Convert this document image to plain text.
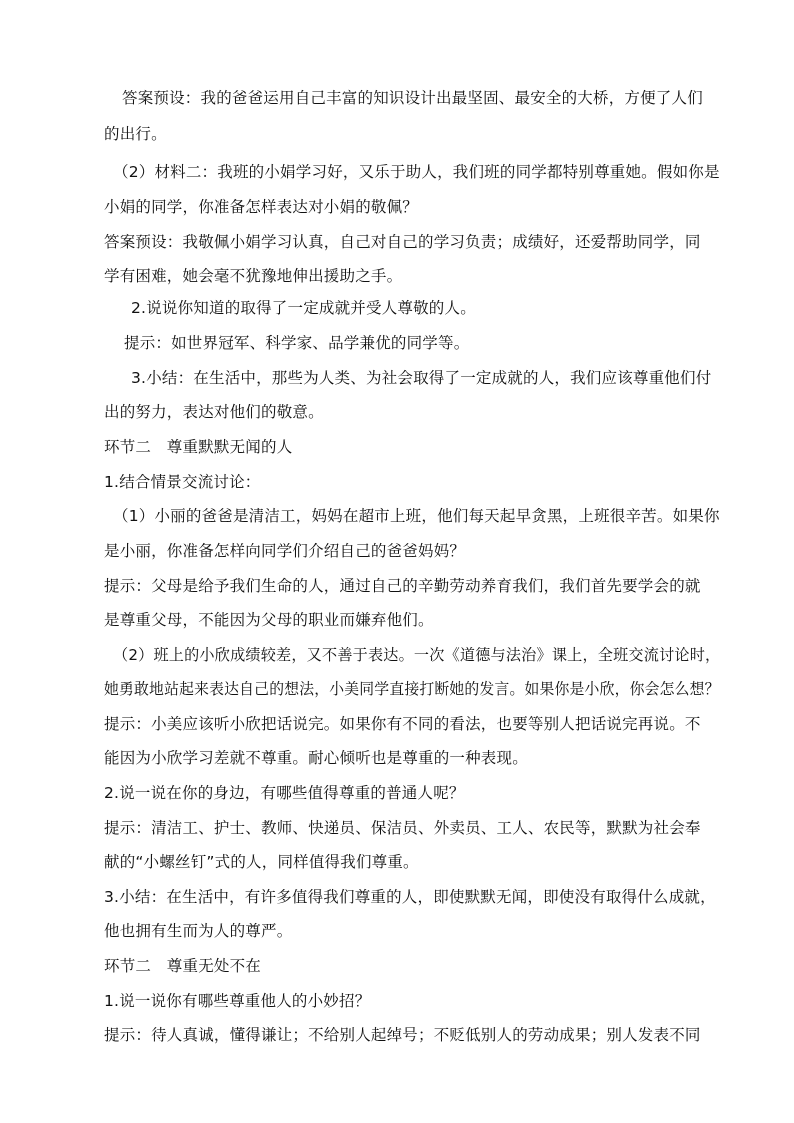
答案预设：我的爸爸运用自己丰富的知识设计出最坚固、最安全的大桥，方便了人们
的出行。
（2）材料二：我班的小娟学习好，又乐于助人，我们班的同学都特别尊重她。假如你是
小娟的同学，你准备怎样表达对小娟的敬佩？
答案预设：我敬佩小娟学习认真，自己对自己的学习负责；成绩好，还爱帮助同学，同
学有困难，她会毫不犹豫地伸出援助之手。
2.说说你知道的取得了一定成就并受人尊敬的人。
提示：如世界冠军、科学家、品学兼优的同学等。
3.小结：在生活中，那些为人类、为社会取得了一定成就的人，我们应该尊重他们付
出的努力，表达对他们的敬意。
环节二　尊重默默无闻的人
1.结合情景交流讨论：
（1）小丽的爸爸是清洁工，妈妈在超市上班，他们每天起早贪黑，上班很辛苦。如果你
是小丽，你准备怎样向同学们介绍自己的爸爸妈妈？
提示：父母是给予我们生命的人，通过自己的辛勤劳动养育我们，我们首先要学会的就
是尊重父母，不能因为父母的职业而嫌弃他们。
（2）班上的小欣成绩较差，又不善于表达。一次《道德与法治》课上，全班交流讨论时，
她勇敢地站起来表达自己的想法，小美同学直接打断她的发言。如果你是小欣，你会怎么想？
提示：小美应该听小欣把话说完。如果你有不同的看法，也要等别人把话说完再说。不
能因为小欣学习差就不尊重。耐心倾听也是尊重的一种表现。
2.说一说在你的身边，有哪些值得尊重的普通人呢？
提示：清洁工、护士、教师、快递员、保洁员、外卖员、工人、农民等，默默为社会奉
献的“小螺丝钉”式的人，同样值得我们尊重。
3.小结：在生活中，有许多值得我们尊重的人，即使默默无闻，即使没有取得什么成就，
他也拥有生而为人的尊严。
环节二　尊重无处不在
1.说一说你有哪些尊重他人的小妙招？
提示：待人真诚，懂得谦让；不给别人起绰号；不贬低别人的劳动成果；别人发表不同
